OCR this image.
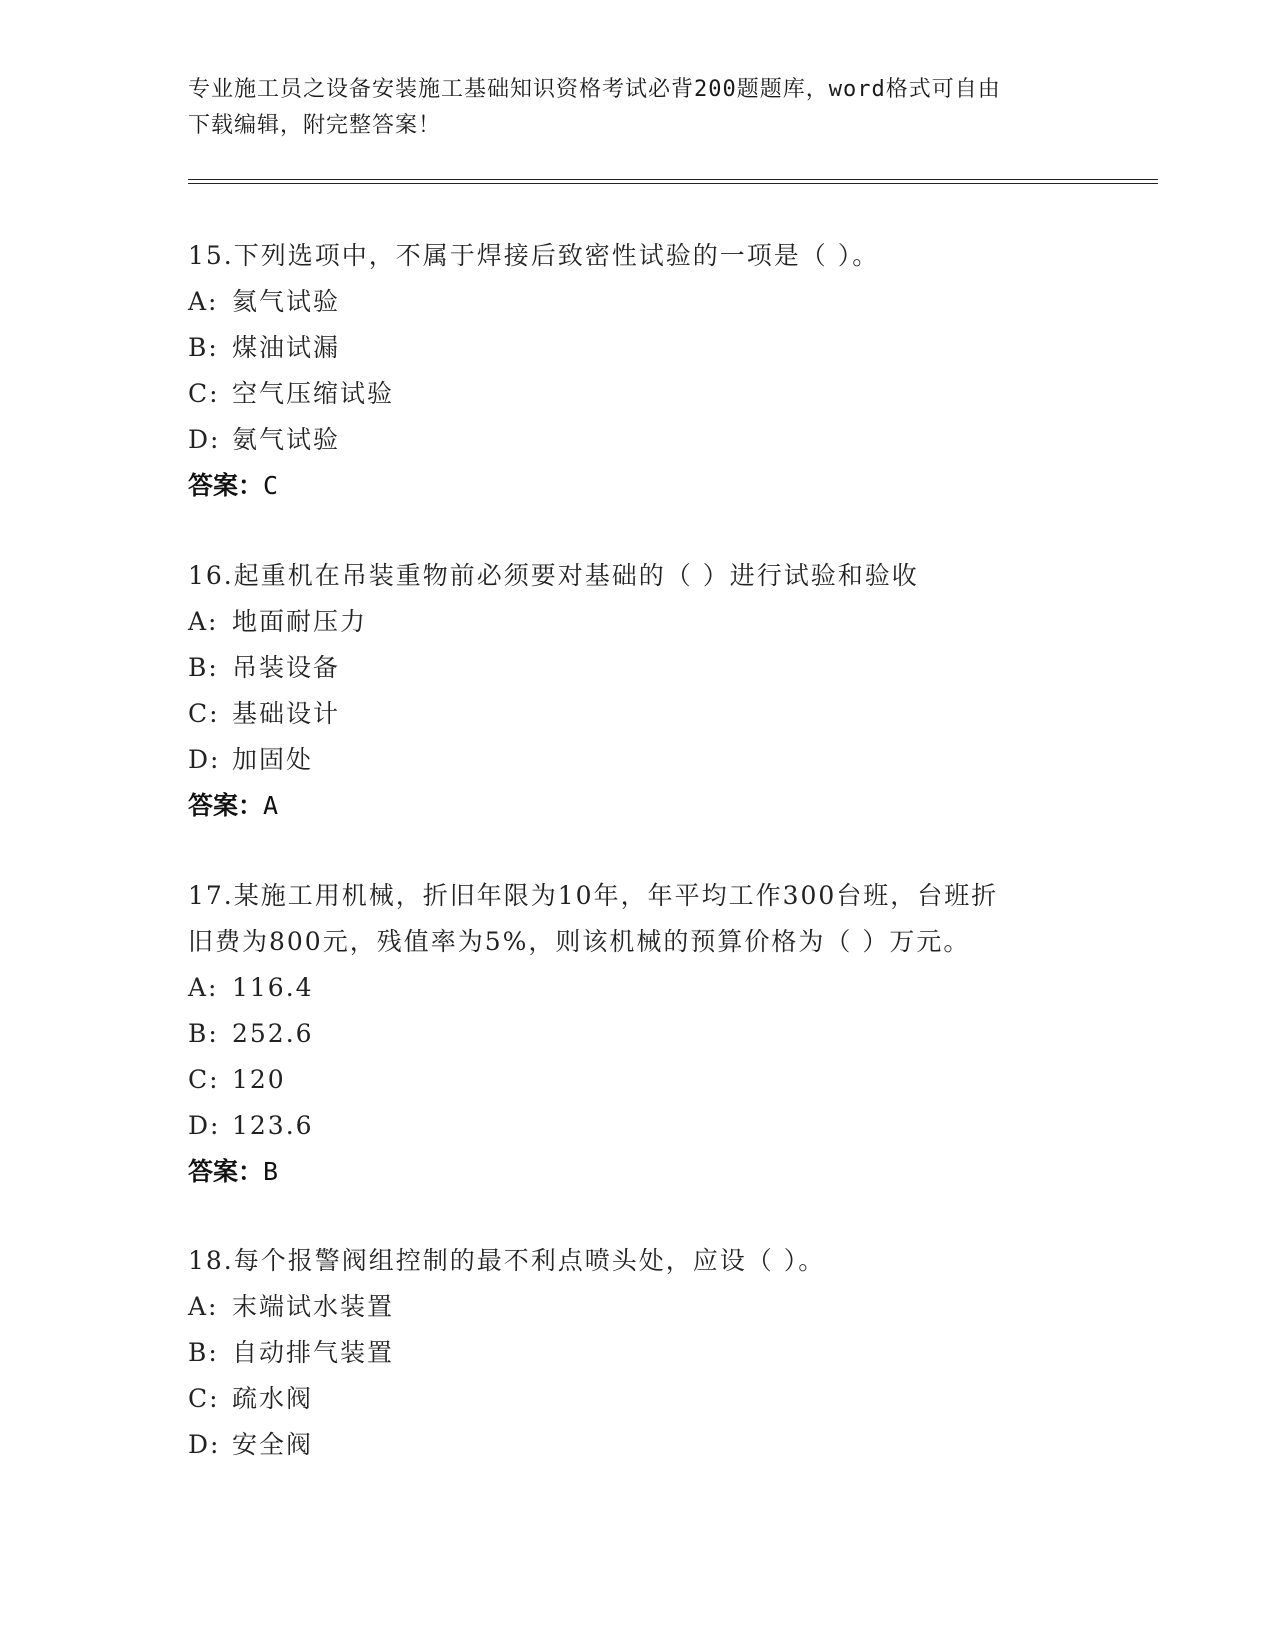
专业施工员之设备安装施工基础知识资格考试必背200题题库，word格式可自由
下载编辑，附完整答案！
15.下列选项中，不属于焊接后致密性试验的一项是（ ）。
A: 氦气试验
B: 煤油试漏
C: 空气压缩试验
D: 氨气试验
答案：C
16.起重机在吊装重物前必须要对基础的（ ）进行试验和验收
A: 地面耐压力
B: 吊装设备
C: 基础设计
D: 加固处
答案：A
17.某施工用机械，折旧年限为10年，年平均工作300台班，台班折
旧费为800元，残值率为5%，则该机械的预算价格为（ ）万元。
A: 116.4
B: 252.6
C: 120
D: 123.6
答案：B
18.每个报警阀组控制的最不利点喷头处，应设（ ）。
A: 末端试水装置
B: 自动排气装置
C: 疏水阀
D: 安全阀
